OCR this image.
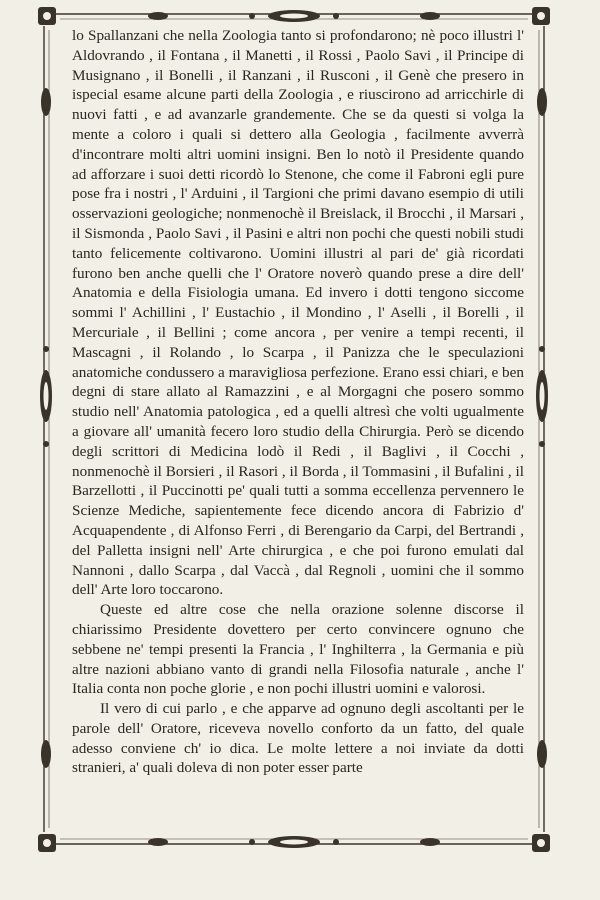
lo Spallanzani che nella Zoologia tanto si profondarono; nè poco illustri l' Aldovrando , il Fontana , il Manetti , il Rossi , Paolo Savi , il Principe di Musignano , il Bonelli , il Ranzani , il Rusconi , il Genè che presero in ispecial esame alcune parti della Zoologia , e riuscirono ad arricchirle di nuovi fatti , e ad avanzarle grandemente. Che se da questi si volga la mente a coloro i quali si dettero alla Geologia , facilmente avverrà d'incontrare molti altri uomini insigni. Ben lo notò il Presidente quando ad afforzare i suoi detti ricordò lo Stenone, che come il Fabroni egli pure pose fra i nostri , l' Arduini , il Targioni che primi davano esempio di utili osservazioni geologiche; nonmenochè il Breislack, il Brocchi , il Marsari , il Sismonda , Paolo Savi , il Pasini e altri non pochi che questi nobili studi tanto felicemente coltivarono. Uomini illustri al pari de' già ricordati furono ben anche quelli che l' Oratore noverò quando prese a dire dell' Anatomia e della Fisiologia umana. Ed invero i dotti tengono siccome sommi l' Achillini , l' Eustachio , il Mondino , l' Aselli , il Borelli , il Mercuriale , il Bellini ; come ancora , per venire a tempi recenti, il Mascagni , il Rolando , lo Scarpa , il Panizza che le speculazioni anatomiche condussero a maravigliosa perfezione. Erano essi chiari, e ben degni di stare allato al Ramazzini , e al Morgagni che posero sommo studio nell' Anatomia patologica , ed a quelli altresì che volti ugualmente a giovare all' umanità fecero loro studio della Chirurgia. Però se dicendo degli scrittori di Medicina lodò il Redi , il Baglivi , il Cocchi , nonmenochè il Borsieri , il Rasori , il Borda , il Tommasini , il Bufalini , il Barzellotti , il Puccinotti pe' quali tutti a somma eccellenza pervennero le Scienze Mediche, sapientemente fece dicendo ancora di Fabrizio d' Acquapendente , di Alfonso Ferri , di Berengario da Carpi, del Bertrandi , del Palletta insigni nell' Arte chirurgica , e che poi furono emulati dal Nannoni , dallo Scarpa , dal Vaccà , dal Regnoli , uomini che il sommo dell' Arte loro toccarono.

Queste ed altre cose che nella orazione solenne discorse il chiarissimo Presidente dovettero per certo convincere ognuno che sebbene ne' tempi presenti la Francia , l' Inghilterra , la Germania e più altre nazioni abbiano vanto di grandi nella Filosofia naturale , anche l' Italia conta non poche glorie , e non pochi illustri uomini e valorosi.

Il vero di cui parlo , e che apparve ad ognuno degli ascoltanti per le parole dell' Oratore, riceveva novello conforto da un fatto, del quale adesso conviene ch' io dica. Le molte lettere a noi inviate da dotti stranieri, a' quali doleva di non poter esser parte
